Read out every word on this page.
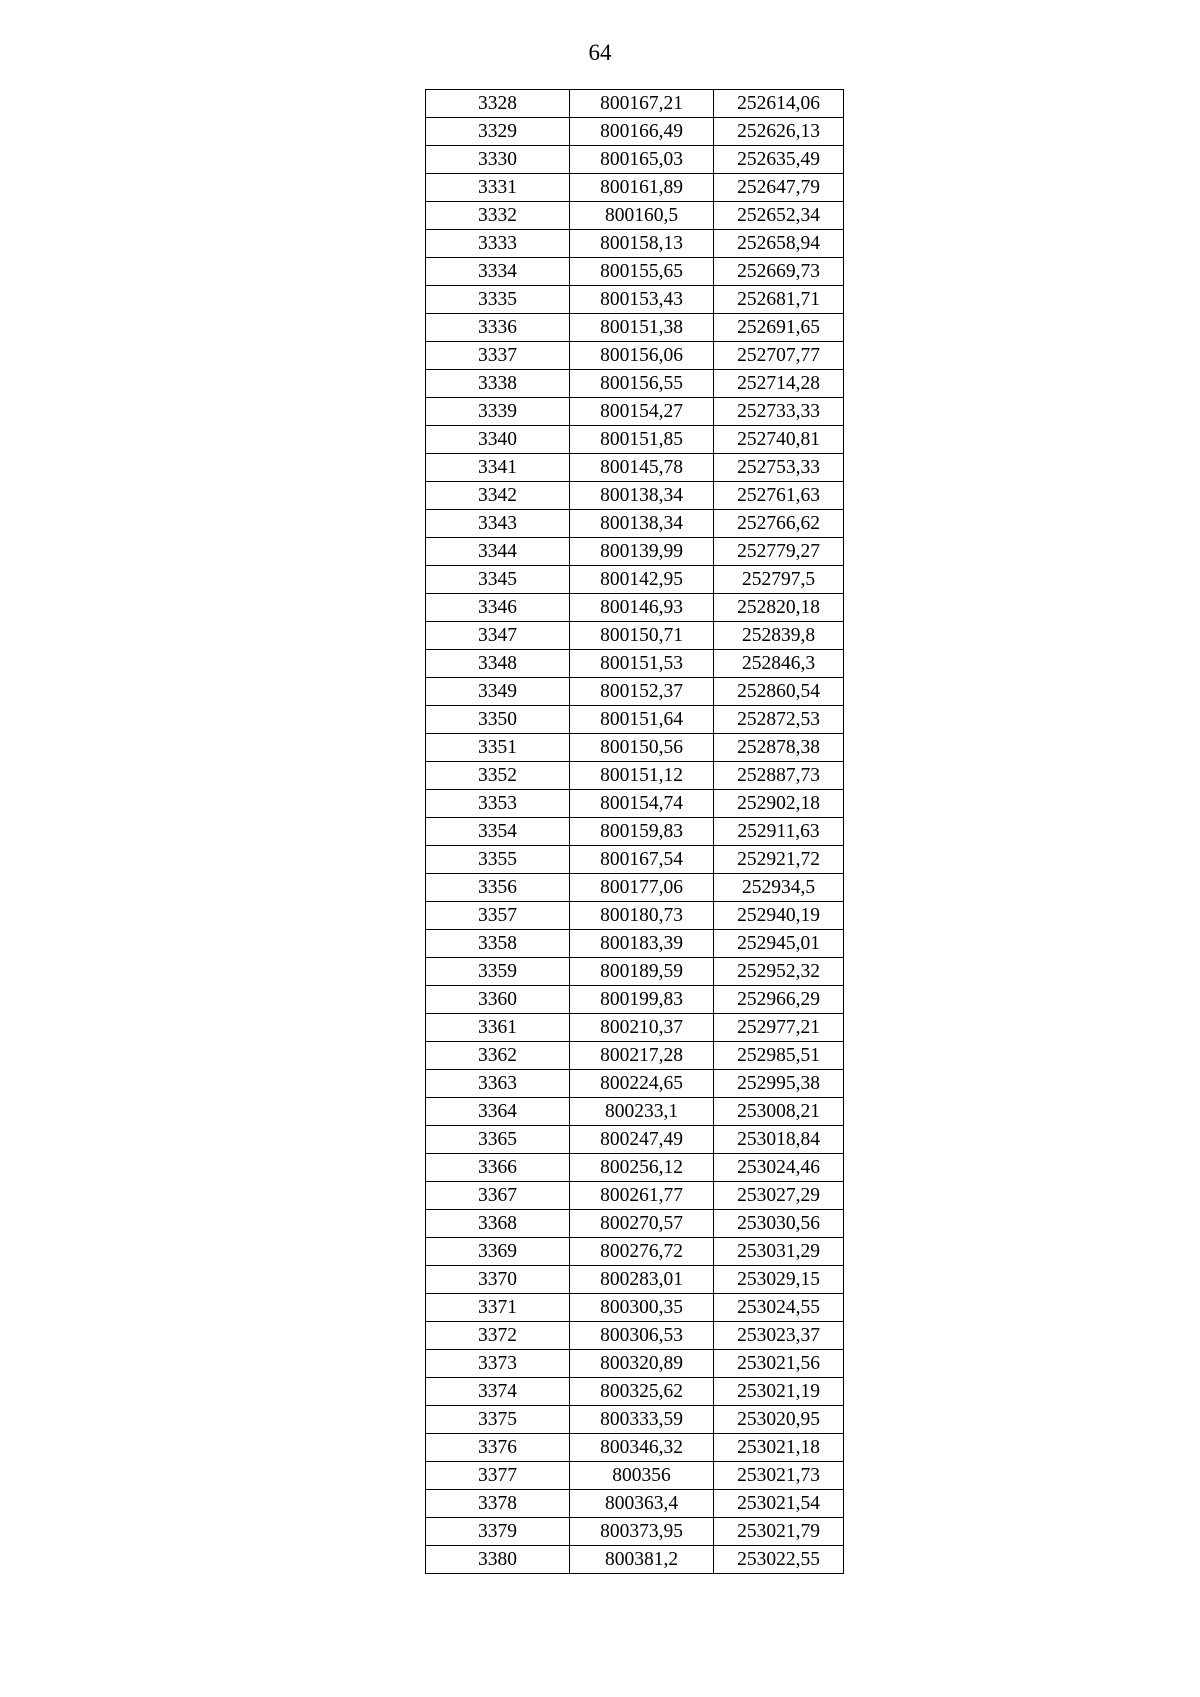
64
3328	800167,21	252614,06
3329	800166,49	252626,13
3330	800165,03	252635,49
3331	800161,89	252647,79
3332	800160,5	252652,34
3333	800158,13	252658,94
3334	800155,65	252669,73
3335	800153,43	252681,71
3336	800151,38	252691,65
3337	800156,06	252707,77
3338	800156,55	252714,28
3339	800154,27	252733,33
3340	800151,85	252740,81
3341	800145,78	252753,33
3342	800138,34	252761,63
3343	800138,34	252766,62
3344	800139,99	252779,27
3345	800142,95	252797,5
3346	800146,93	252820,18
3347	800150,71	252839,8
3348	800151,53	252846,3
3349	800152,37	252860,54
3350	800151,64	252872,53
3351	800150,56	252878,38
3352	800151,12	252887,73
3353	800154,74	252902,18
3354	800159,83	252911,63
3355	800167,54	252921,72
3356	800177,06	252934,5
3357	800180,73	252940,19
3358	800183,39	252945,01
3359	800189,59	252952,32
3360	800199,83	252966,29
3361	800210,37	252977,21
3362	800217,28	252985,51
3363	800224,65	252995,38
3364	800233,1	253008,21
3365	800247,49	253018,84
3366	800256,12	253024,46
3367	800261,77	253027,29
3368	800270,57	253030,56
3369	800276,72	253031,29
3370	800283,01	253029,15
3371	800300,35	253024,55
3372	800306,53	253023,37
3373	800320,89	253021,56
3374	800325,62	253021,19
3375	800333,59	253020,95
3376	800346,32	253021,18
3377	800356	253021,73
3378	800363,4	253021,54
3379	800373,95	253021,79
3380	800381,2	253022,55
